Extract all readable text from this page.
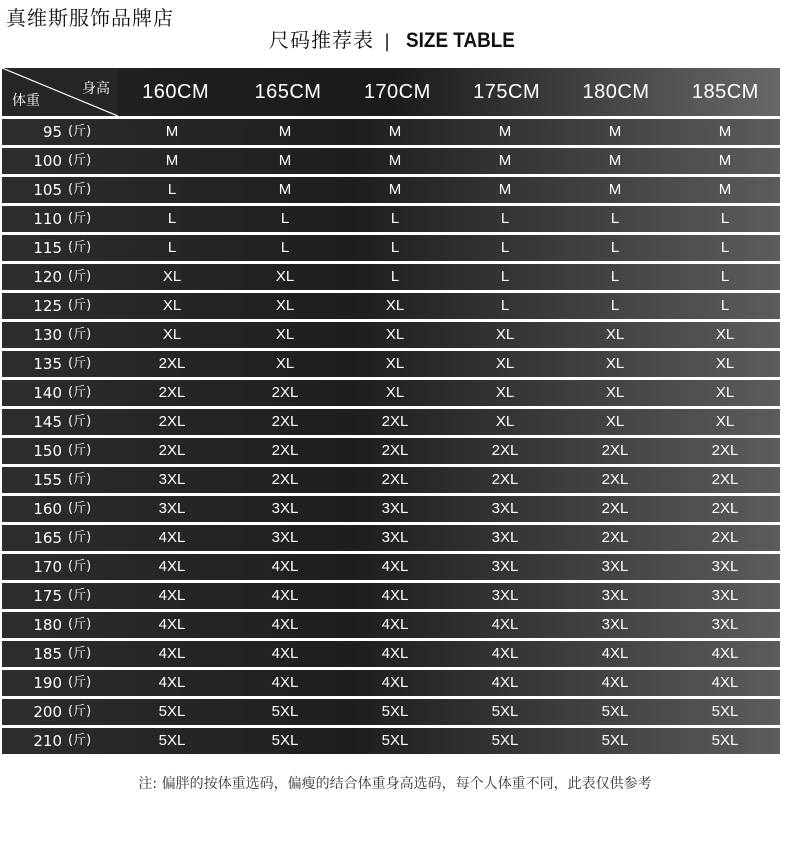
真维斯服饰品牌店
尺码推荐表 | SIZE TABLE
身高
体重	160CM	165CM	170CM	175CM	180CM	185CM
95 (斤)	M	M	M	M	M	M
100 (斤)	M	M	M	M	M	M
105 (斤)	L	M	M	M	M	M
110 (斤)	L	L	L	L	L	L
115 (斤)	L	L	L	L	L	L
120 (斤)	XL	XL	L	L	L	L
125 (斤)	XL	XL	XL	L	L	L
130 (斤)	XL	XL	XL	XL	XL	XL
135 (斤)	2XL	XL	XL	XL	XL	XL
140 (斤)	2XL	2XL	XL	XL	XL	XL
145 (斤)	2XL	2XL	2XL	XL	XL	XL
150 (斤)	2XL	2XL	2XL	2XL	2XL	2XL
155 (斤)	3XL	2XL	2XL	2XL	2XL	2XL
160 (斤)	3XL	3XL	3XL	3XL	2XL	2XL
165 (斤)	4XL	3XL	3XL	3XL	2XL	2XL
170 (斤)	4XL	4XL	4XL	3XL	3XL	3XL
175 (斤)	4XL	4XL	4XL	3XL	3XL	3XL
180 (斤)	4XL	4XL	4XL	4XL	3XL	3XL
185 (斤)	4XL	4XL	4XL	4XL	4XL	4XL
190 (斤)	4XL	4XL	4XL	4XL	4XL	4XL
200 (斤)	5XL	5XL	5XL	5XL	5XL	5XL
210 (斤)	5XL	5XL	5XL	5XL	5XL	5XL
注: 偏胖的按体重选码，偏瘦的结合体重身高选码，每个人体重不同，此表仅供参考
